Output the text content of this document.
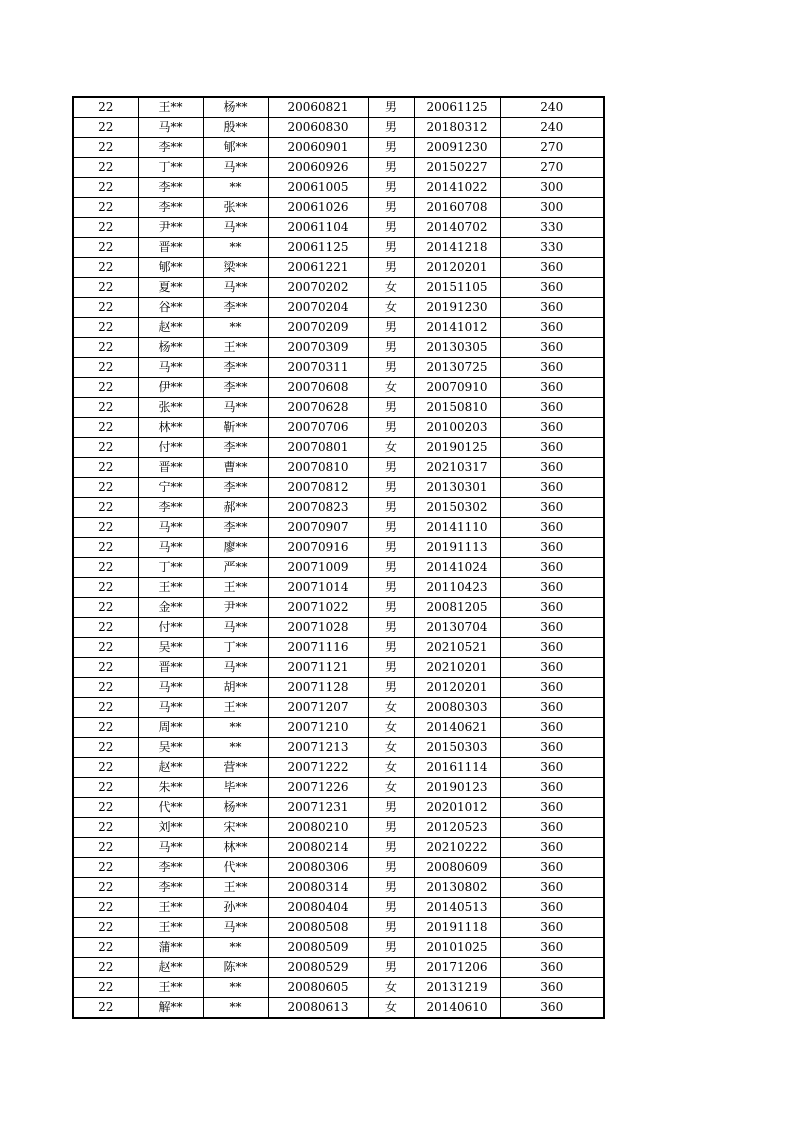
22	王**	杨**	20060821	男	20061125	240
22	马**	殷**	20060830	男	20180312	240
22	李**	郇**	20060901	男	20091230	270
22	丁**	马**	20060926	男	20150227	270
22	李**	**	20061005	男	20141022	300
22	李**	张**	20061026	男	20160708	300
22	尹**	马**	20061104	男	20140702	330
22	晋**	**	20061125	男	20141218	330
22	郇**	梁**	20061221	男	20120201	360
22	夏**	马**	20070202	女	20151105	360
22	谷**	李**	20070204	女	20191230	360
22	赵**	**	20070209	男	20141012	360
22	杨**	王**	20070309	男	20130305	360
22	马**	李**	20070311	男	20130725	360
22	伊**	李**	20070608	女	20070910	360
22	张**	马**	20070628	男	20150810	360
22	林**	靳**	20070706	男	20100203	360
22	付**	李**	20070801	女	20190125	360
22	晋**	曹**	20070810	男	20210317	360
22	宁**	李**	20070812	男	20130301	360
22	李**	郝**	20070823	男	20150302	360
22	马**	李**	20070907	男	20141110	360
22	马**	廖**	20070916	男	20191113	360
22	丁**	严**	20071009	男	20141024	360
22	王**	王**	20071014	男	20110423	360
22	金**	尹**	20071022	男	20081205	360
22	付**	马**	20071028	男	20130704	360
22	吴**	丁**	20071116	男	20210521	360
22	晋**	马**	20071121	男	20210201	360
22	马**	胡**	20071128	男	20120201	360
22	马**	王**	20071207	女	20080303	360
22	周**	**	20071210	女	20140621	360
22	吴**	**	20071213	女	20150303	360
22	赵**	营**	20071222	女	20161114	360
22	朱**	毕**	20071226	女	20190123	360
22	代**	杨**	20071231	男	20201012	360
22	刘**	宋**	20080210	男	20120523	360
22	马**	林**	20080214	男	20210222	360
22	李**	代**	20080306	男	20080609	360
22	李**	王**	20080314	男	20130802	360
22	王**	孙**	20080404	男	20140513	360
22	王**	马**	20080508	男	20191118	360
22	蒲**	**	20080509	男	20101025	360
22	赵**	陈**	20080529	男	20171206	360
22	王**	**	20080605	女	20131219	360
22	解**	**	20080613	女	20140610	360
